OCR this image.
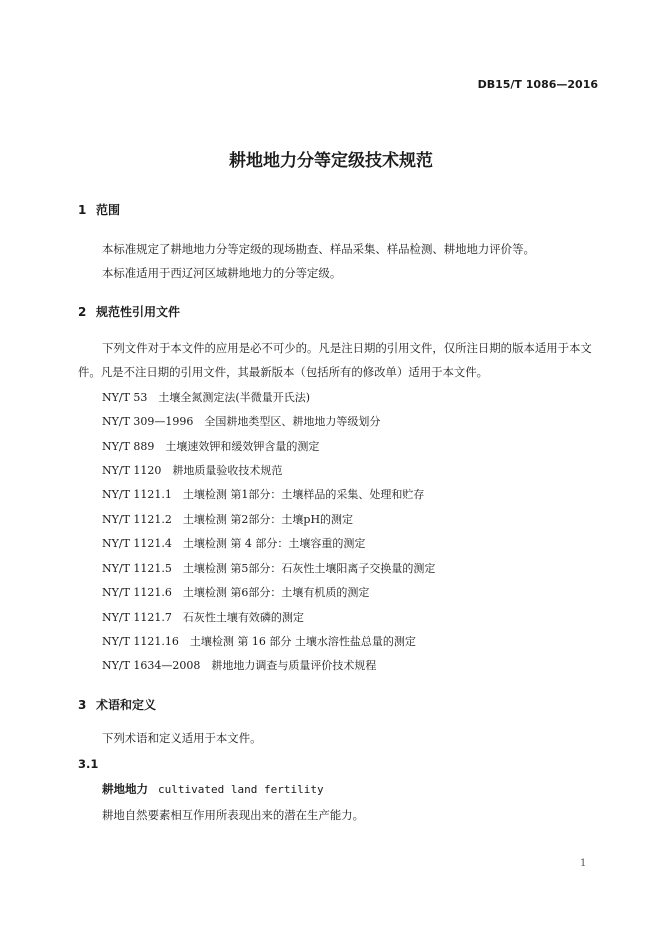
DB15/T 1086—2016
耕地地力分等定级技术规范
1 范围
本标准规定了耕地地力分等定级的现场勘查、样品采集、样品检测、耕地地力评价等。
本标准适用于西辽河区域耕地地力的分等定级。
2 规范性引用文件
下列文件对于本文件的应用是必不可少的。凡是注日期的引用文件，仅所注日期的版本适用于本文件。凡是不注日期的引用文件，其最新版本（包括所有的修改单）适用于本文件。
NY/T 53　土壤全氮测定法(半微量开氏法)
NY/T 309—1996　全国耕地类型区、耕地地力等级划分
NY/T 889　土壤速效钾和缓效钾含量的测定
NY/T 1120　耕地质量验收技术规范
NY/T 1121.1　土壤检测 第1部分：土壤样品的采集、处理和贮存
NY/T 1121.2　土壤检测 第2部分：土壤pH的测定
NY/T 1121.4　土壤检测 第 4 部分：土壤容重的测定
NY/T 1121.5　土壤检测 第5部分：石灰性土壤阳离子交换量的测定
NY/T 1121.6　土壤检测 第6部分：土壤有机质的测定
NY/T 1121.7　石灰性土壤有效磷的测定
NY/T 1121.16　土壤检测 第 16 部分 土壤水溶性盐总量的测定
NY/T 1634—2008　耕地地力调查与质量评价技术规程
3 术语和定义
下列术语和定义适用于本文件。
3.1
耕地地力 cultivated land fertility
耕地自然要素相互作用所表现出来的潜在生产能力。
1
